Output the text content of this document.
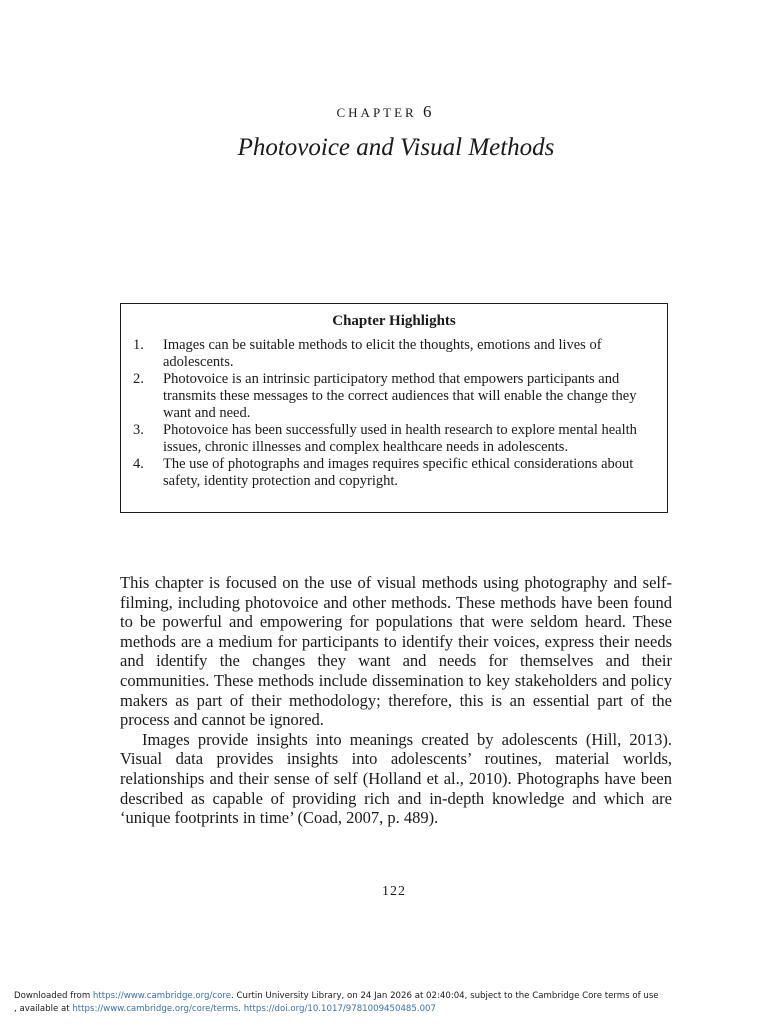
CHAPTER 6
Photovoice and Visual Methods
Chapter Highlights
1. Images can be suitable methods to elicit the thoughts, emotions and lives of adolescents.
2. Photovoice is an intrinsic participatory method that empowers participants and transmits these messages to the correct audiences that will enable the change they want and need.
3. Photovoice has been successfully used in health research to explore mental health issues, chronic illnesses and complex healthcare needs in adolescents.
4. The use of photographs and images requires specific ethical considerations about safety, identity protection and copyright.

This chapter is focused on the use of visual methods using photography and self-filming, including photovoice and other methods. These methods have been found to be powerful and empowering for populations that were seldom heard. These methods are a medium for participants to identify their voices, express their needs and identify the changes they want and needs for themselves and their communities. These methods include dissemination to key stakeholders and policy makers as part of their methodology; therefore, this is an essential part of the process and cannot be ignored.

Images provide insights into meanings created by adolescents (Hill, 2013). Visual data provides insights into adolescents’ routines, material worlds, relationships and their sense of self (Holland et al., 2010). Photographs have been described as capable of providing rich and in-depth knowledge and which are ‘unique footprints in time’ (Coad, 2007, p. 489).

122
Downloaded from https://www.cambridge.org/core. Curtin University Library, on 24 Jan 2026 at 02:40:04, subject to the Cambridge Core terms of use
, available at https://www.cambridge.org/core/terms. https://doi.org/10.1017/9781009450485.007
